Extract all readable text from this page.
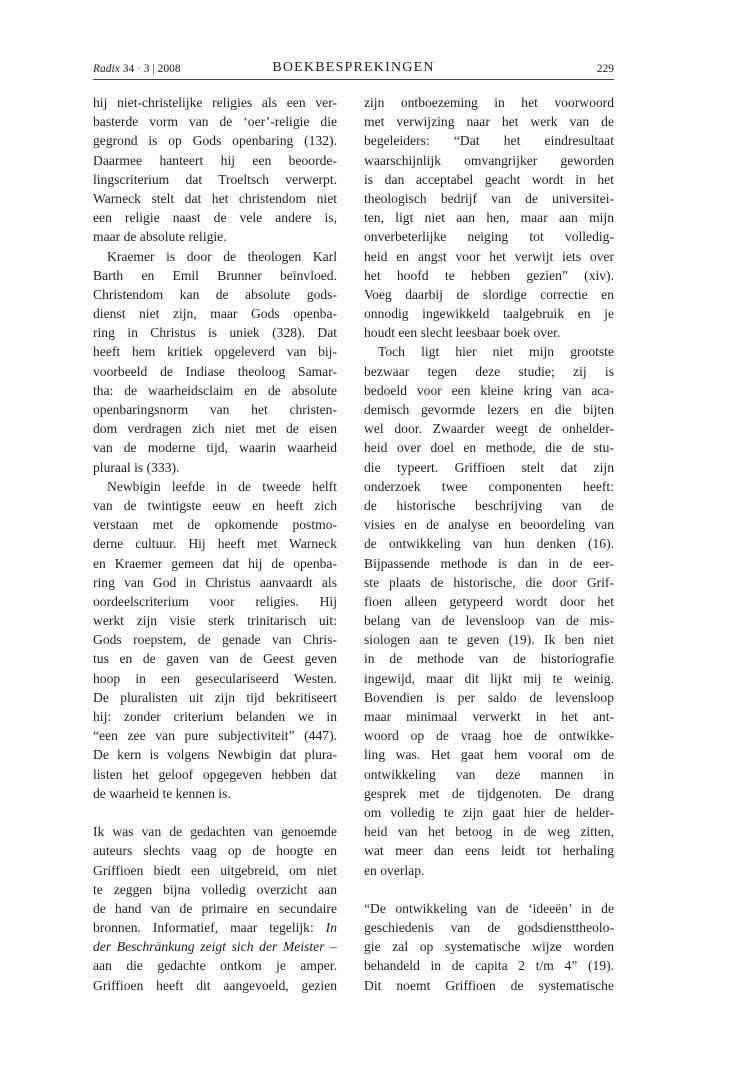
Radix 34 · 3 | 2008	BOEKBESPREKINGEN	229
hij niet-christelijke religies als een ver-
basterde vorm van de ‘oer’-religie die
gegrond is op Gods openbaring (132).
Daarmee hanteert hij een beoorde-
lingscriterium dat Troeltsch verwerpt.
Warneck stelt dat het christendom niet
een religie naast de vele andere is,
maar de absolute religie.
Kraemer is door de theologen Karl
Barth en Emil Brunner beïnvloed.
Christendom kan de absolute gods-
dienst niet zijn, maar Gods openba-
ring in Christus is uniek (328). Dat
heeft hem kritiek opgeleverd van bij-
voorbeeld de Indiase theoloog Samar-
tha: de waarheidsclaim en de absolute
openbaringsnorm van het christen-
dom verdragen zich niet met de eisen
van de moderne tijd, waarin waarheid
pluraal is (333).
Newbigin leefde in de tweede helft
van de twintigste eeuw en heeft zich
verstaan met de opkomende postmo-
derne cultuur. Hij heeft met Warneck
en Kraemer gemeen dat hij de openba-
ring van God in Christus aanvaardt als
oordeelscriterium voor religies. Hij
werkt zijn visie sterk trinitarisch uit:
Gods roepstem, de genade van Chris-
tus en de gaven van de Geest geven
hoop in een geseculariseerd Westen.
De pluralisten uit zijn tijd bekritiseert
hij: zonder criterium belanden we in
“een zee van pure subjectiviteit” (447).
De kern is volgens Newbigin dat plura-
listen het geloof opgegeven hebben dat
de waarheid te kennen is.
Ik was van de gedachten van genoemde
auteurs slechts vaag op de hoogte en
Griffioen biedt een uitgebreid, om niet
te zeggen bijna volledig overzicht aan
de hand van de primaire en secundaire
bronnen. Informatief, maar tegelijk: In
der Beschränkung zeigt sich der Meister –
aan die gedachte ontkom je amper.
Griffioen heeft dit aangevoeld, gezien
zijn ontboezeming in het voorwoord
met verwijzing naar het werk van de
begeleiders: “Dat het eindresultaat
waarschijnlijk omvangrijker geworden
is dan acceptabel geacht wordt in het
theologisch bedrijf van de universitei-
ten, ligt niet aan hen, maar aan mijn
onverbeterlijke neiging tot volledig-
heid en angst voor het verwijt iets over
het hoofd te hebben gezien” (xiv).
Voeg daarbij de slordige correctie en
onnodig ingewikkeld taalgebruik en je
houdt een slecht leesbaar boek over.
Toch ligt hier niet mijn grootste
bezwaar tegen deze studie; zij is
bedoeld voor een kleine kring van aca-
demisch gevormde lezers en die bijten
wel door. Zwaarder weegt de onhelder-
heid over doel en methode, die de stu-
die typeert. Griffioen stelt dat zijn
onderzoek twee componenten heeft:
de historische beschrijving van de
visies en de analyse en beoordeling van
de ontwikkeling van hun denken (16).
Bijpassende methode is dan in de eer-
ste plaats de historische, die door Grif-
fioen alleen getypeerd wordt door het
belang van de levensloop van de mis-
siologen aan te geven (19). Ik ben niet
in de methode van de historiografie
ingewijd, maar dit lijkt mij te weinig.
Bovendien is per saldo de levensloop
maar minimaal verwerkt in het ant-
woord op de vraag hoe de ontwikke-
ling was. Het gaat hem vooral om de
ontwikkeling van deze mannen in
gesprek met de tijdgenoten. De drang
om volledig te zijn gaat hier de helder-
heid van het betoog in de weg zitten,
wat meer dan eens leidt tot herhaling
en overlap.
“De ontwikkeling van de ‘ideeën’ in de
geschiedenis van de godsdiensttheolo-
gie zal op systematische wijze worden
behandeld in de capita 2 t/m 4” (19).
Dit noemt Griffioen de systematische
